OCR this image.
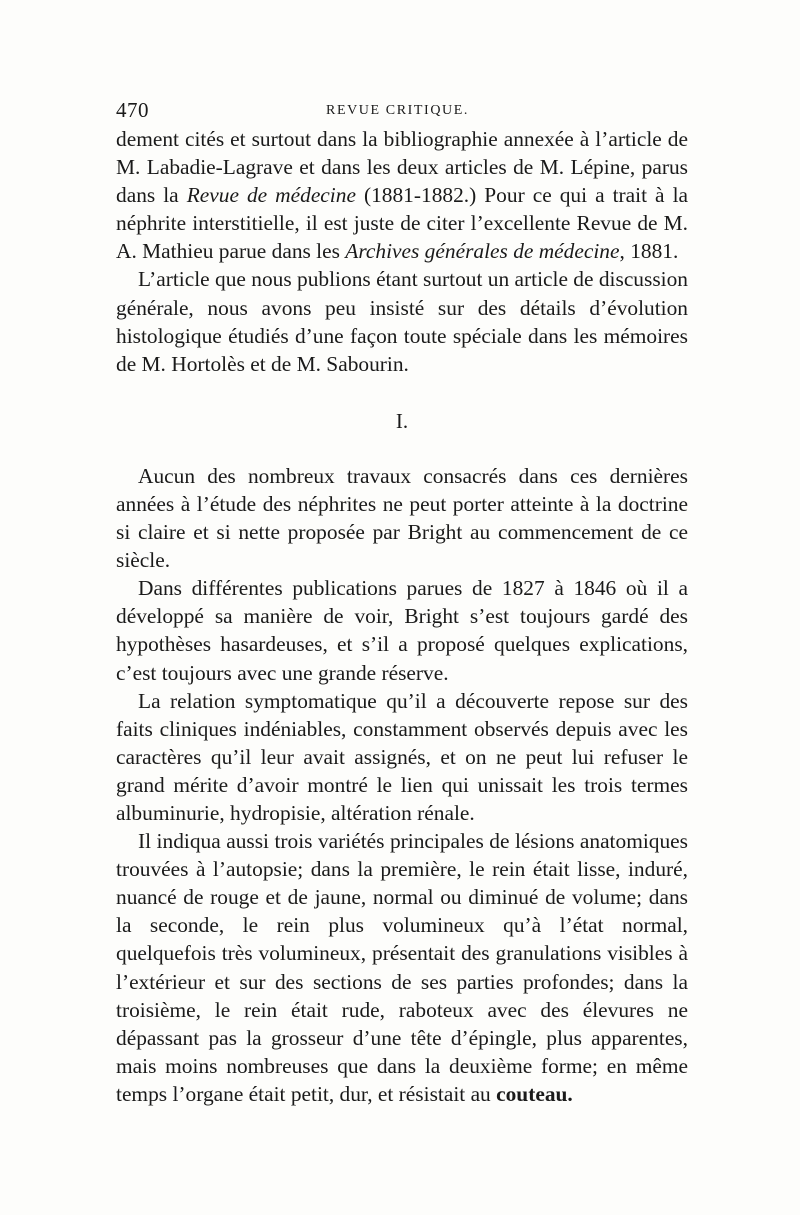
470	REVUE CRITIQUE.

dement cités et surtout dans la bibliographie annexée à l’article de M. Labadie-Lagrave et dans les deux articles de M. Lépine, parus dans la Revue de médecine (1881-1882.) Pour ce qui a trait à la néphrite interstitielle, il est juste de citer l’excellente Revue de M. A. Mathieu parue dans les Archives générales de médecine, 1881.

L’article que nous publions étant surtout un article de discussion générale, nous avons peu insisté sur des détails d’évolution histologique étudiés d’une façon toute spéciale dans les mémoires de M. Hortolès et de M. Sabourin.

I.

Aucun des nombreux travaux consacrés dans ces dernières années à l’étude des néphrites ne peut porter atteinte à la doctrine si claire et si nette proposée par Bright au commencement de ce siècle.

Dans différentes publications parues de 1827 à 1846 où il a développé sa manière de voir, Bright s’est toujours gardé des hypothèses hasardeuses, et s’il a proposé quelques explications, c’est toujours avec une grande réserve.

La relation symptomatique qu’il a découverte repose sur des faits cliniques indéniables, constamment observés depuis avec les caractères qu’il leur avait assignés, et on ne peut lui refuser le grand mérite d’avoir montré le lien qui unissait les trois termes albuminurie, hydropisie, altération rénale.

Il indiqua aussi trois variétés principales de lésions anatomiques trouvées à l’autopsie; dans la première, le rein était lisse, induré, nuancé de rouge et de jaune, normal ou diminué de volume; dans la seconde, le rein plus volumineux qu’à l’état normal, quelquefois très volumineux, présentait des granulations visibles à l’extérieur et sur des sections de ses parties profondes; dans la troisième, le rein était rude, raboteux avec des élevures ne dépassant pas la grosseur d’une tête d’épingle, plus apparentes, mais moins nombreuses que dans la deuxième forme; en même temps l’organe était petit, dur, et résistait au couteau.
